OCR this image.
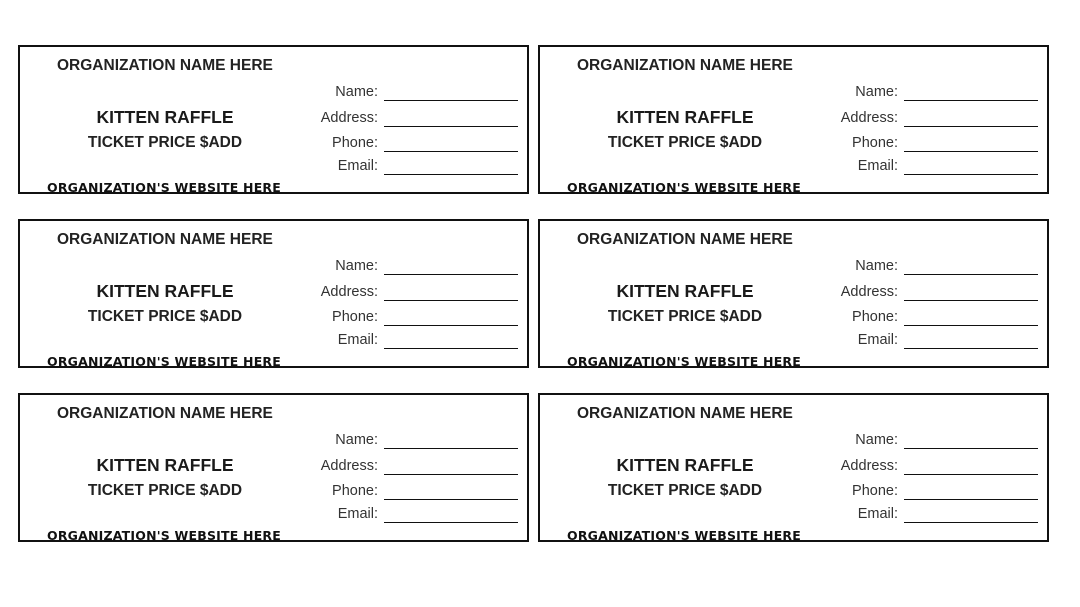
ORGANIZATION NAME HERE
KITTEN RAFFLE
TICKET PRICE $ADD
ORGANIZATION'S WEBSITE HERE
Name:
Address:
Phone:
Email:
ORGANIZATION NAME HERE
KITTEN RAFFLE
TICKET PRICE $ADD
ORGANIZATION'S WEBSITE HERE
Name:
Address:
Phone:
Email:
ORGANIZATION NAME HERE
KITTEN RAFFLE
TICKET PRICE $ADD
ORGANIZATION'S WEBSITE HERE
Name:
Address:
Phone:
Email:
ORGANIZATION NAME HERE
KITTEN RAFFLE
TICKET PRICE $ADD
ORGANIZATION'S WEBSITE HERE
Name:
Address:
Phone:
Email:
ORGANIZATION NAME HERE
KITTEN RAFFLE
TICKET PRICE $ADD
ORGANIZATION'S WEBSITE HERE
Name:
Address:
Phone:
Email:
ORGANIZATION NAME HERE
KITTEN RAFFLE
TICKET PRICE $ADD
ORGANIZATION'S WEBSITE HERE
Name:
Address:
Phone:
Email:
